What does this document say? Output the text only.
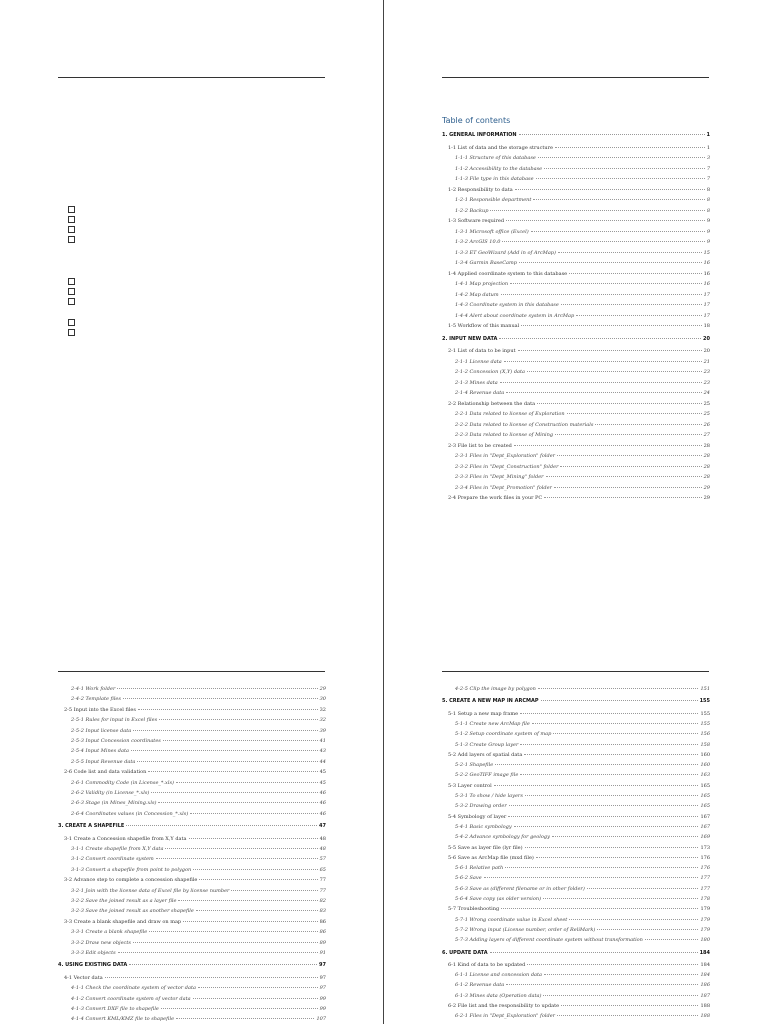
Table of contents
1. GENERAL INFORMATION	1
1-1 List of data and the storage structure	1
1-1-1 Structure of this database	3
1-1-2 Accessibility to the database	7
1-1-3 File type in this database	7
1-2 Responsibility to data	8
1-2-1 Responsible department	8
1-2-2 Backup	8
1-3 Software required	9
1-3-1 Microsoft office (Excel)	9
1-3-2 ArcGIS 10.0	9
1-3-3 ET GeoWizard (Add in of ArcMap)	15
1-3-4 Garmin BaseCamp	16
1-4 Applied coordinate system to this database	16
1-4-1 Map projection	16
1-4-2 Map datum	17
1-4-3 Coordinate system in this database	17
1-4-4 Alert about coordinate system in ArcMap	17
1-5 Workflow of this manual	18
2. INPUT NEW DATA	20
2-1 List of data to be input	20
2-1-1 License data	21
2-1-2 Concession (X,Y) data	23
2-1-3 Mines data	23
2-1-4 Revenue data	24
2-2 Relationship between the data	25
2-2-1 Data related to license of Exploration	25
2-2-2 Data related to license of Construction materials	26
2-2-3 Data related to license of Mining	27
2-3 File list to be created	28
2-3-1 Files in "Dept_Exploration" folder	28
2-3-2 Files in "Dept_Construction" folder	28
2-3-3 Files in "Dept_Mining" folder	28
2-3-4 Files in "Dept_Promotion" folder	29
2-4 Prepare the work files in your PC	29
2-4-1 Work folder	29
2-4-2 Template files	30
2-5 Input into the Excel files	32
2-5-1 Rules for input in Excel files	32
2-5-2 Input license data	39
2-5-3 Input Concession coordinates	41
2-5-4 Input Mines data	43
2-5-5 Input Revenue data	44
2-6 Code list and data validation	45
2-6-1 Commodity Code (in License_*.xls)	45
2-6-2 Validity (in License_*.xls)	46
2-6-3 Stage (in Mines_Mining.xls)	46
2-6-4 Coordinates values (in Concession_*.xls)	46
3. CREATE A SHAPEFILE	47
3-1 Create a Concession shapefile from X,Y data	48
3-1-1 Create shapefile from X,Y data	48
3-1-2 Convert coordinate system	57
3-1-3 Convert a shapefile from point to polygon	65
3-2 Advance step to complete a concession shapefile	77
3-2-1 Join with the license data of Excel file by license number	77
3-2-2 Save the joined result as a layer file	82
3-2-3 Save the joined result as another shapefile	83
3-3 Create a blank shapefile and draw on map	86
3-3-1 Create a blank shapefile	86
3-3-2 Draw new objects	89
3-3-3 Edit objects	91
4. USING EXISTING DATA	97
4-1 Vector data	97
4-1-1 Check the coordinate system of vector data	97
4-1-2 Convert coordinate system of vector data	99
4-1-3 Convert DXF file to shapefile	99
4-1-4 Convert KML/KMZ file to shapefile	107
4-2-5 Clip the image by polygon	151
5. CREATE A NEW MAP IN ARCMAP	155
5-1 Setup a new map frame	155
5-1-1 Create new ArcMap file	155
5-1-2 Setup coordinate system of map	156
5-1-3 Create Group layer	158
5-2 Add layers of spatial data	160
5-2-1 Shapefile	160
5-2-2 GeoTIFF image file	163
5-3 Layer control	165
5-3-1 To show / hide layers	165
5-3-2 Drawing order	165
5-4 Symbology of layer	167
5-4-1 Basic symbology	167
5-4-2 Advance symbology for geology	169
5-5 Save as layer file (lyr file)	173
5-6 Save as ArcMap file (mxd file)	176
5-6-1 Relative path	176
5-6-2 Save	177
5-6-3 Save as (different filename or in other folder)	177
5-6-4 Save copy (as older version)	178
5-7 Troubleshooting	179
5-7-1 Wrong coordinate value in Excel sheet	179
5-7-2 Wrong input (License number, order of ReliMark)	179
5-7-3 Adding layers of different coordinate system without transformation	180
6. UPDATE DATA	184
6-1 Kind of data to be updated	184
6-1-1 License and concession data	184
6-1-2 Revenue data	186
6-1-3 Mines data (Operation data)	187
6-2 File list and the responsibility to update	188
6-2-1 Files in "Dept_Exploration" folder	188
